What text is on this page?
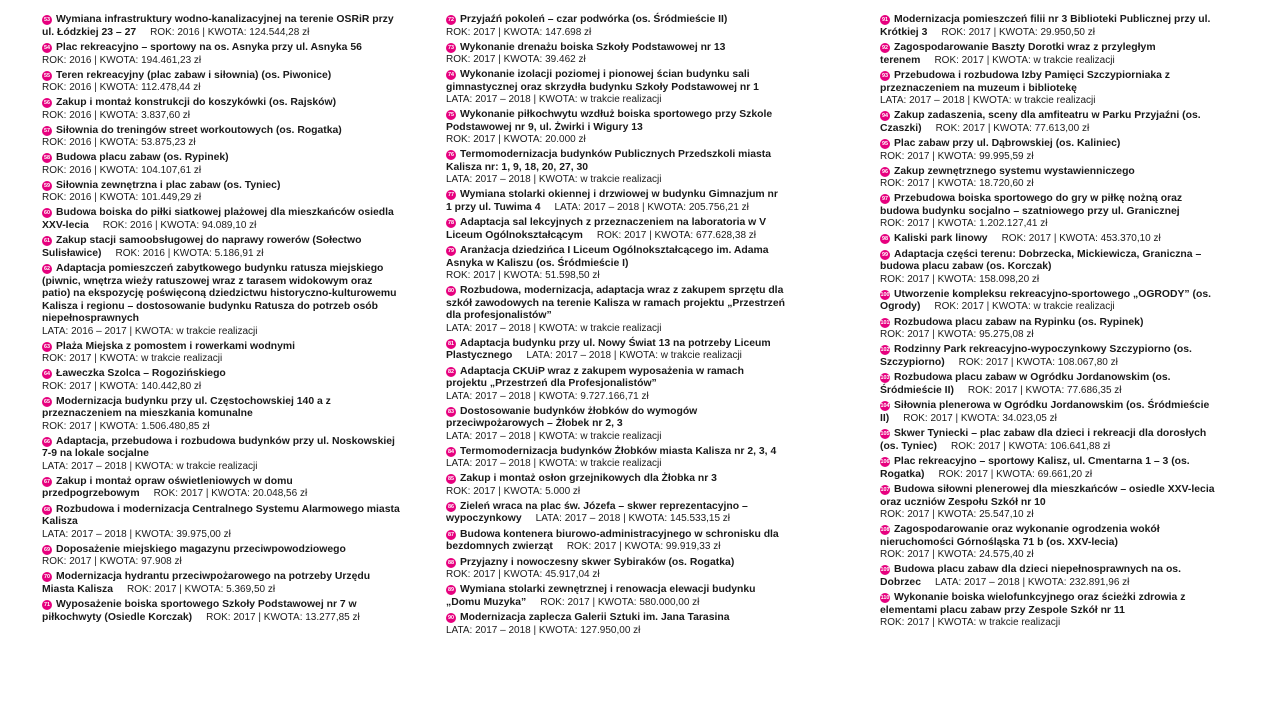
53 Wymiana infrastruktury wodno-kanalizacyjnej na terenie OSRiR przy ul. Łódzkiej 23 – 27 ROK: 2016 | KWOTA: 124.544,28 zł
54 Plac rekreacyjno – sportowy na os. Asnyka przy ul. Asnyka 56
ROK: 2016 | KWOTA: 194.461,23 zł
55 Teren rekreacyjny (plac zabaw i siłownia) (os. Piwonice)
ROK: 2016 | KWOTA: 112.478,44 zł
56 Zakup i montaż konstrukcji do koszykówki (os. Rajsków)
ROK: 2016 | KWOTA: 3.837,60 zł
57 Siłownia do treningów street workoutowych (os. Rogatka)
ROK: 2016 | KWOTA: 53.875,23 zł
58 Budowa placu zabaw (os. Rypinek)
ROK: 2016 | KWOTA: 104.107,61 zł
59 Siłownia zewnętrzna i plac zabaw (os. Tyniec)
ROK: 2016 | KWOTA: 101.449,29 zł
60 Budowa boiska do piłki siatkowej plażowej dla mieszkańców osiedla XXV-lecia ROK: 2016 | KWOTA: 94.089,10 zł
61 Zakup stacji samoobsługowej do naprawy rowerów (Sołectwo Sulisławice) ROK: 2016 | KWOTA: 5.186,91 zł
62 Adaptacja pomieszczeń zabytkowego budynku ratusza miejskiego (piwnic, wnętrza wieży ratuszowej wraz z tarasem widokowym oraz patio) na ekspozycję poświęconą dziedzictwu historyczno-kulturowemu Kalisza i regionu – dostosowanie budynku Ratusza do potrzeb osób niepełnosprawnych
LATA: 2016 – 2017 | KWOTA: w trakcie realizacji
63 Plaża Miejska z pomostem i rowerkami wodnymi
ROK: 2017 | KWOTA: w trakcie realizacji
64 Ławeczka Szolca – Rogozińskiego
ROK: 2017 | KWOTA: 140.442,80 zł
65 Modernizacja budynku przy ul. Częstochowskiej 140 a z przeznaczeniem na mieszkania komunalne
ROK: 2017 | KWOTA: 1.506.480,85 zł
66 Adaptacja, przebudowa i rozbudowa budynków przy ul. Noskowskiej 7-9 na lokale socjalne
LATA: 2017 – 2018 | KWOTA: w trakcie realizacji
67 Zakup i montaż opraw oświetleniowych w domu przedpogrzebowym ROK: 2017 | KWOTA: 20.048,56 zł
68 Rozbudowa i modernizacja Centralnego Systemu Alarmowego miasta Kalisza
LATA: 2017 – 2018 | KWOTA: 39.975,00 zł
69 Doposażenie miejskiego magazynu przeciwpowodziowego
ROK: 2017 | KWOTA: 97.908 zł
70 Modernizacja hydrantu przeciwpożarowego na potrzeby Urzędu Miasta Kalisza ROK: 2017 | KWOTA: 5.369,50 zł
71 Wyposażenie boiska sportowego Szkoły Podstawowej nr 7 w piłkochwyty (Osiedle Korczak) ROK: 2017 | KWOTA: 13.277,85 zł
72 Przyjaźń pokoleń – czar podwórka (os. Śródmieście II)
ROK: 2017 | KWOTA: 147.698 zł
73 Wykonanie drenażu boiska Szkoły Podstawowej nr 13
ROK: 2017 | KWOTA: 39.462 zł
74 Wykonanie izolacji poziomej i pionowej ścian budynku sali gimnastycznej oraz skrzydła budynku Szkoły Podstawowej nr 1
LATA: 2017 – 2018 | KWOTA: w trakcie realizacji
75 Wykonanie piłkochwytu wzdłuż boiska sportowego przy Szkole Podstawowej nr 9, ul. Żwirki i Wigury 13
ROK: 2017 | KWOTA: 20.000 zł
76 Termomodernizacja budynków Publicznych Przedszkoli miasta Kalisza nr: 1, 9, 18, 20, 27, 30
LATA: 2017 – 2018 | KWOTA: w trakcie realizacji
77 Wymiana stolarki okiennej i drzwiowej w budynku Gimnazjum nr 1 przy ul. Tuwima 4 LATA: 2017 – 2018 | KWOTA: 205.756,21 zł
78 Adaptacja sal lekcyjnych z przeznaczeniem na laboratoria w V Liceum Ogólnokształcącym ROK: 2017 | KWOTA: 677.628,38 zł
79 Aranżacja dziedzińca I Liceum Ogólnokształcącego im. Adama Asnyka w Kaliszu (os. Śródmieście I)
ROK: 2017 | KWOTA: 51.598,50 zł
80 Rozbudowa, modernizacja, adaptacja wraz z zakupem sprzętu dla szkół zawodowych na terenie Kalisza w ramach projektu „Przestrzeń dla profesjonalistów”
LATA: 2017 – 2018 | KWOTA: w trakcie realizacji
81 Adaptacja budynku przy ul. Nowy Świat 13 na potrzeby Liceum Plastycznego LATA: 2017 – 2018 | KWOTA: w trakcie realizacji
82 Adaptacja CKUiP wraz z zakupem wyposażenia w ramach projektu „Przestrzeń dla Profesjonalistów”
LATA: 2017 – 2018 | KWOTA: 9.727.166,71 zł
83 Dostosowanie budynków żłobków do wymogów przeciwpożarowych – Żłobek nr 2, 3
LATA: 2017 – 2018 | KWOTA: w trakcie realizacji
84 Termomodernizacja budynków Żłobków miasta Kalisza nr 2, 3, 4
LATA: 2017 – 2018 | KWOTA: w trakcie realizacji
85 Zakup i montaż osłon grzejnikowych dla Żłobka nr 3
ROK: 2017 | KWOTA: 5.000 zł
86 Zieleń wraca na plac św. Józefa – skwer reprezentacyjno – wypoczynkowy LATA: 2017 – 2018 | KWOTA: 145.533,15 zł
87 Budowa kontenera biurowo-administracyjnego w schronisku dla bezdomnych zwierząt ROK: 2017 | KWOTA: 99.919,33 zł
88 Przyjazny i nowoczesny skwer Sybiraków (os. Rogatka)
ROK: 2017 | KWOTA: 45.917,04 zł
89 Wymiana stolarki zewnętrznej i renowacja elewacji budynku „Domu Muzyka” ROK: 2017 | KWOTA: 580.000,00 zł
90 Modernizacja zaplecza Galerii Sztuki im. Jana Tarasina
LATA: 2017 – 2018 | KWOTA: 127.950,00 zł
91 Modernizacja pomieszczeń filii nr 3 Biblioteki Publicznej przy ul. Krótkiej 3 ROK: 2017 | KWOTA: 29.950,50 zł
92 Zagospodarowanie Baszty Dorotki wraz z przyległym terenem ROK: 2017 | KWOTA: w trakcie realizacji
93 Przebudowa i rozbudowa Izby Pamięci Szczypiorniaka z przeznaczeniem na muzeum i bibliotekę
LATA: 2017 – 2018 | KWOTA: w trakcie realizacji
94 Zakup zadaszenia, sceny dla amfiteatru w Parku Przyjaźni (os. Czaszki) ROK: 2017 | KWOTA: 77.613,00 zł
95 Plac zabaw przy ul. Dąbrowskiej (os. Kaliniec)
ROK: 2017 | KWOTA: 99.995,59 zł
96 Zakup zewnętrznego systemu wystawienniczego
ROK: 2017 | KWOTA: 18.720,60 zł
97 Przebudowa boiska sportowego do gry w piłkę nożną oraz budowa budynku socjalno – szatniowego przy ul. Granicznej
ROK: 2017 | KWOTA: 1.202.127,41 zł
98 Kaliski park linowy ROK: 2017 | KWOTA: 453.370,10 zł
99 Adaptacja części terenu: Dobrzecka, Mickiewicza, Graniczna – budowa placu zabaw (os. Korczak)
ROK: 2017 | KWOTA: 158.098,20 zł
100 Utworzenie kompleksu rekreacyjno-sportowego „OGRODY” (os. Ogrody) ROK: 2017 | KWOTA: w trakcie realizacji
101 Rozbudowa placu zabaw na Rypinku (os. Rypinek)
ROK: 2017 | KWOTA: 95.275,08 zł
102 Rodzinny Park rekreacyjno-wypoczynkowy Szczypiorno (os. Szczypiorno) ROK: 2017 | KWOTA: 108.067,80 zł
103 Rozbudowa placu zabaw w Ogródku Jordanowskim (os. Śródmieście II) ROK: 2017 | KWOTA: 77.686,35 zł
104 Siłownia plenerowa w Ogródku Jordanowskim (os. Śródmieście II) ROK: 2017 | KWOTA: 34.023,05 zł
105 Skwer Tyniecki – plac zabaw dla dzieci i rekreacji dla dorosłych (os. Tyniec) ROK: 2017 | KWOTA: 106.641,88 zł
106 Plac rekreacyjno – sportowy Kalisz, ul. Cmentarna 1 – 3 (os. Rogatka) ROK: 2017 | KWOTA: 69.661,20 zł
107 Budowa siłowni plenerowej dla mieszkańców – osiedle XXV-lecia oraz uczniów Zespołu Szkół nr 10
ROK: 2017 | KWOTA: 25.547,10 zł
108 Zagospodarowanie oraz wykonanie ogrodzenia wokół nieruchomości Górnośląska 71 b (os. XXV-lecia)
ROK: 2017 | KWOTA: 24.575,40 zł
109 Budowa placu zabaw dla dzieci niepełnosprawnych na os. Dobrzec LATA: 2017 – 2018 | KWOTA: 232.891,96 zł
110 Wykonanie boiska wielofunkcyjnego oraz ścieżki zdrowia z elementami placu zabaw przy Zespole Szkół nr 11
ROK: 2017 | KWOTA: w trakcie realizacji
